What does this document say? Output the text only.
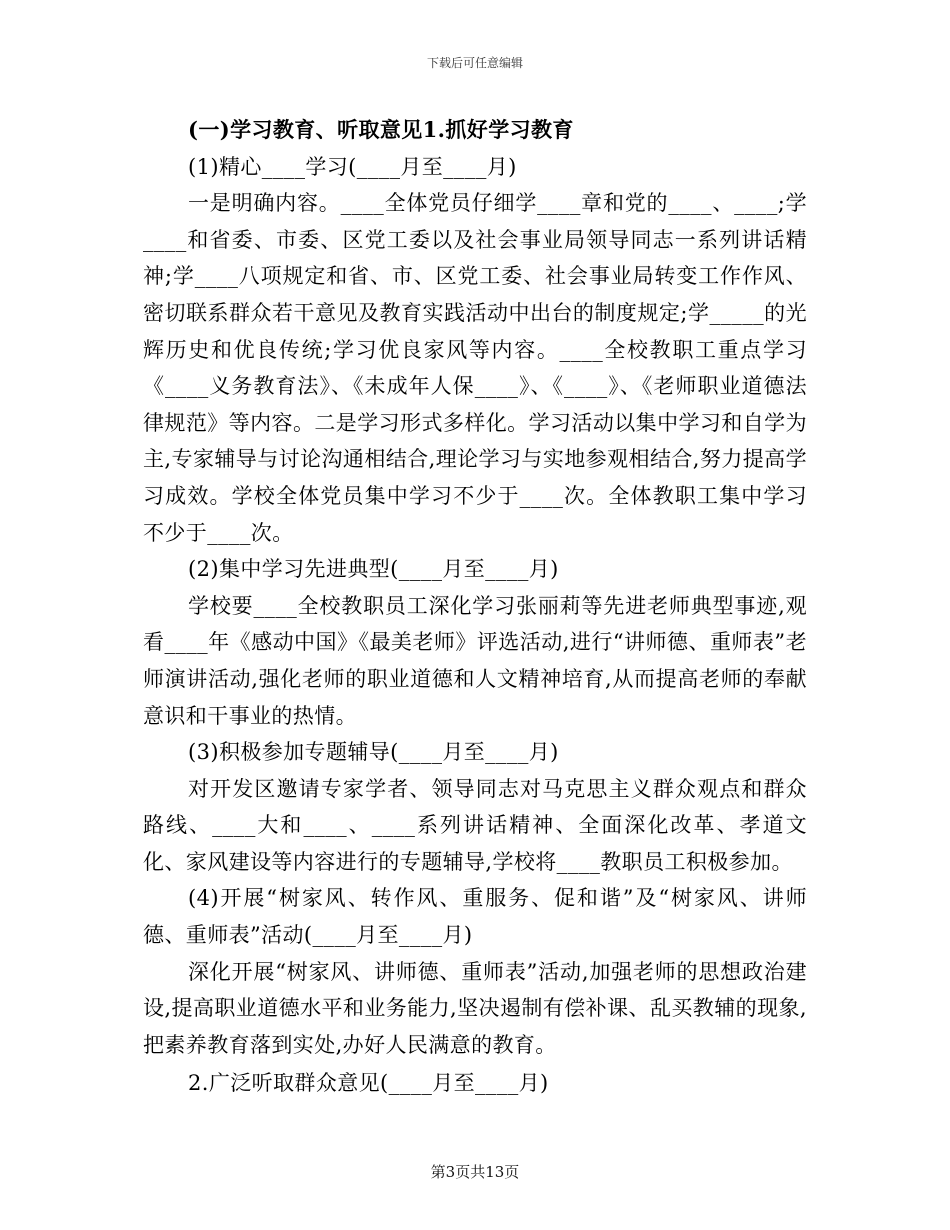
下载后可任意编辑

(一)学习教育、听取意见1.抓好学习教育

(1)精心____学习(____月至____月)

一是明确内容。____全体党员仔细学____章和党的____、____;学____和省委、市委、区党工委以及社会事业局领导同志一系列讲话精神;学____八项规定和省、市、区党工委、社会事业局转变工作作风、密切联系群众若干意见及教育实践活动中出台的制度规定;学_____的光辉历史和优良传统;学习优良家风等内容。____全校教职工重点学习《____义务教育法》、《未成年人保____》、《____》、《老师职业道德法律规范》等内容。二是学习形式多样化。学习活动以集中学习和自学为主,专家辅导与讨论沟通相结合,理论学习与实地参观相结合,努力提高学习成效。学校全体党员集中学习不少于____次。全体教职工集中学习不少于____次。

(2)集中学习先进典型(____月至____月)

学校要____全校教职员工深化学习张丽莉等先进老师典型事迹,观看____年《感动中国》《最美老师》评选活动,进行“讲师德、重师表”老师演讲活动,强化老师的职业道德和人文精神培育,从而提高老师的奉献意识和干事业的热情。

(3)积极参加专题辅导(____月至____月)

对开发区邀请专家学者、领导同志对马克思主义群众观点和群众路线、____大和____、____系列讲话精神、全面深化改革、孝道文化、家风建设等内容进行的专题辅导,学校将____教职员工积极参加。

(4)开展“树家风、转作风、重服务、促和谐”及“树家风、讲师德、重师表”活动(____月至____月)

深化开展“树家风、讲师德、重师表”活动,加强老师的思想政治建设,提高职业道德水平和业务能力,坚决遏制有偿补课、乱买教辅的现象,把素养教育落到实处,办好人民满意的教育。

2.广泛听取群众意见(____月至____月)

第3页共13页
